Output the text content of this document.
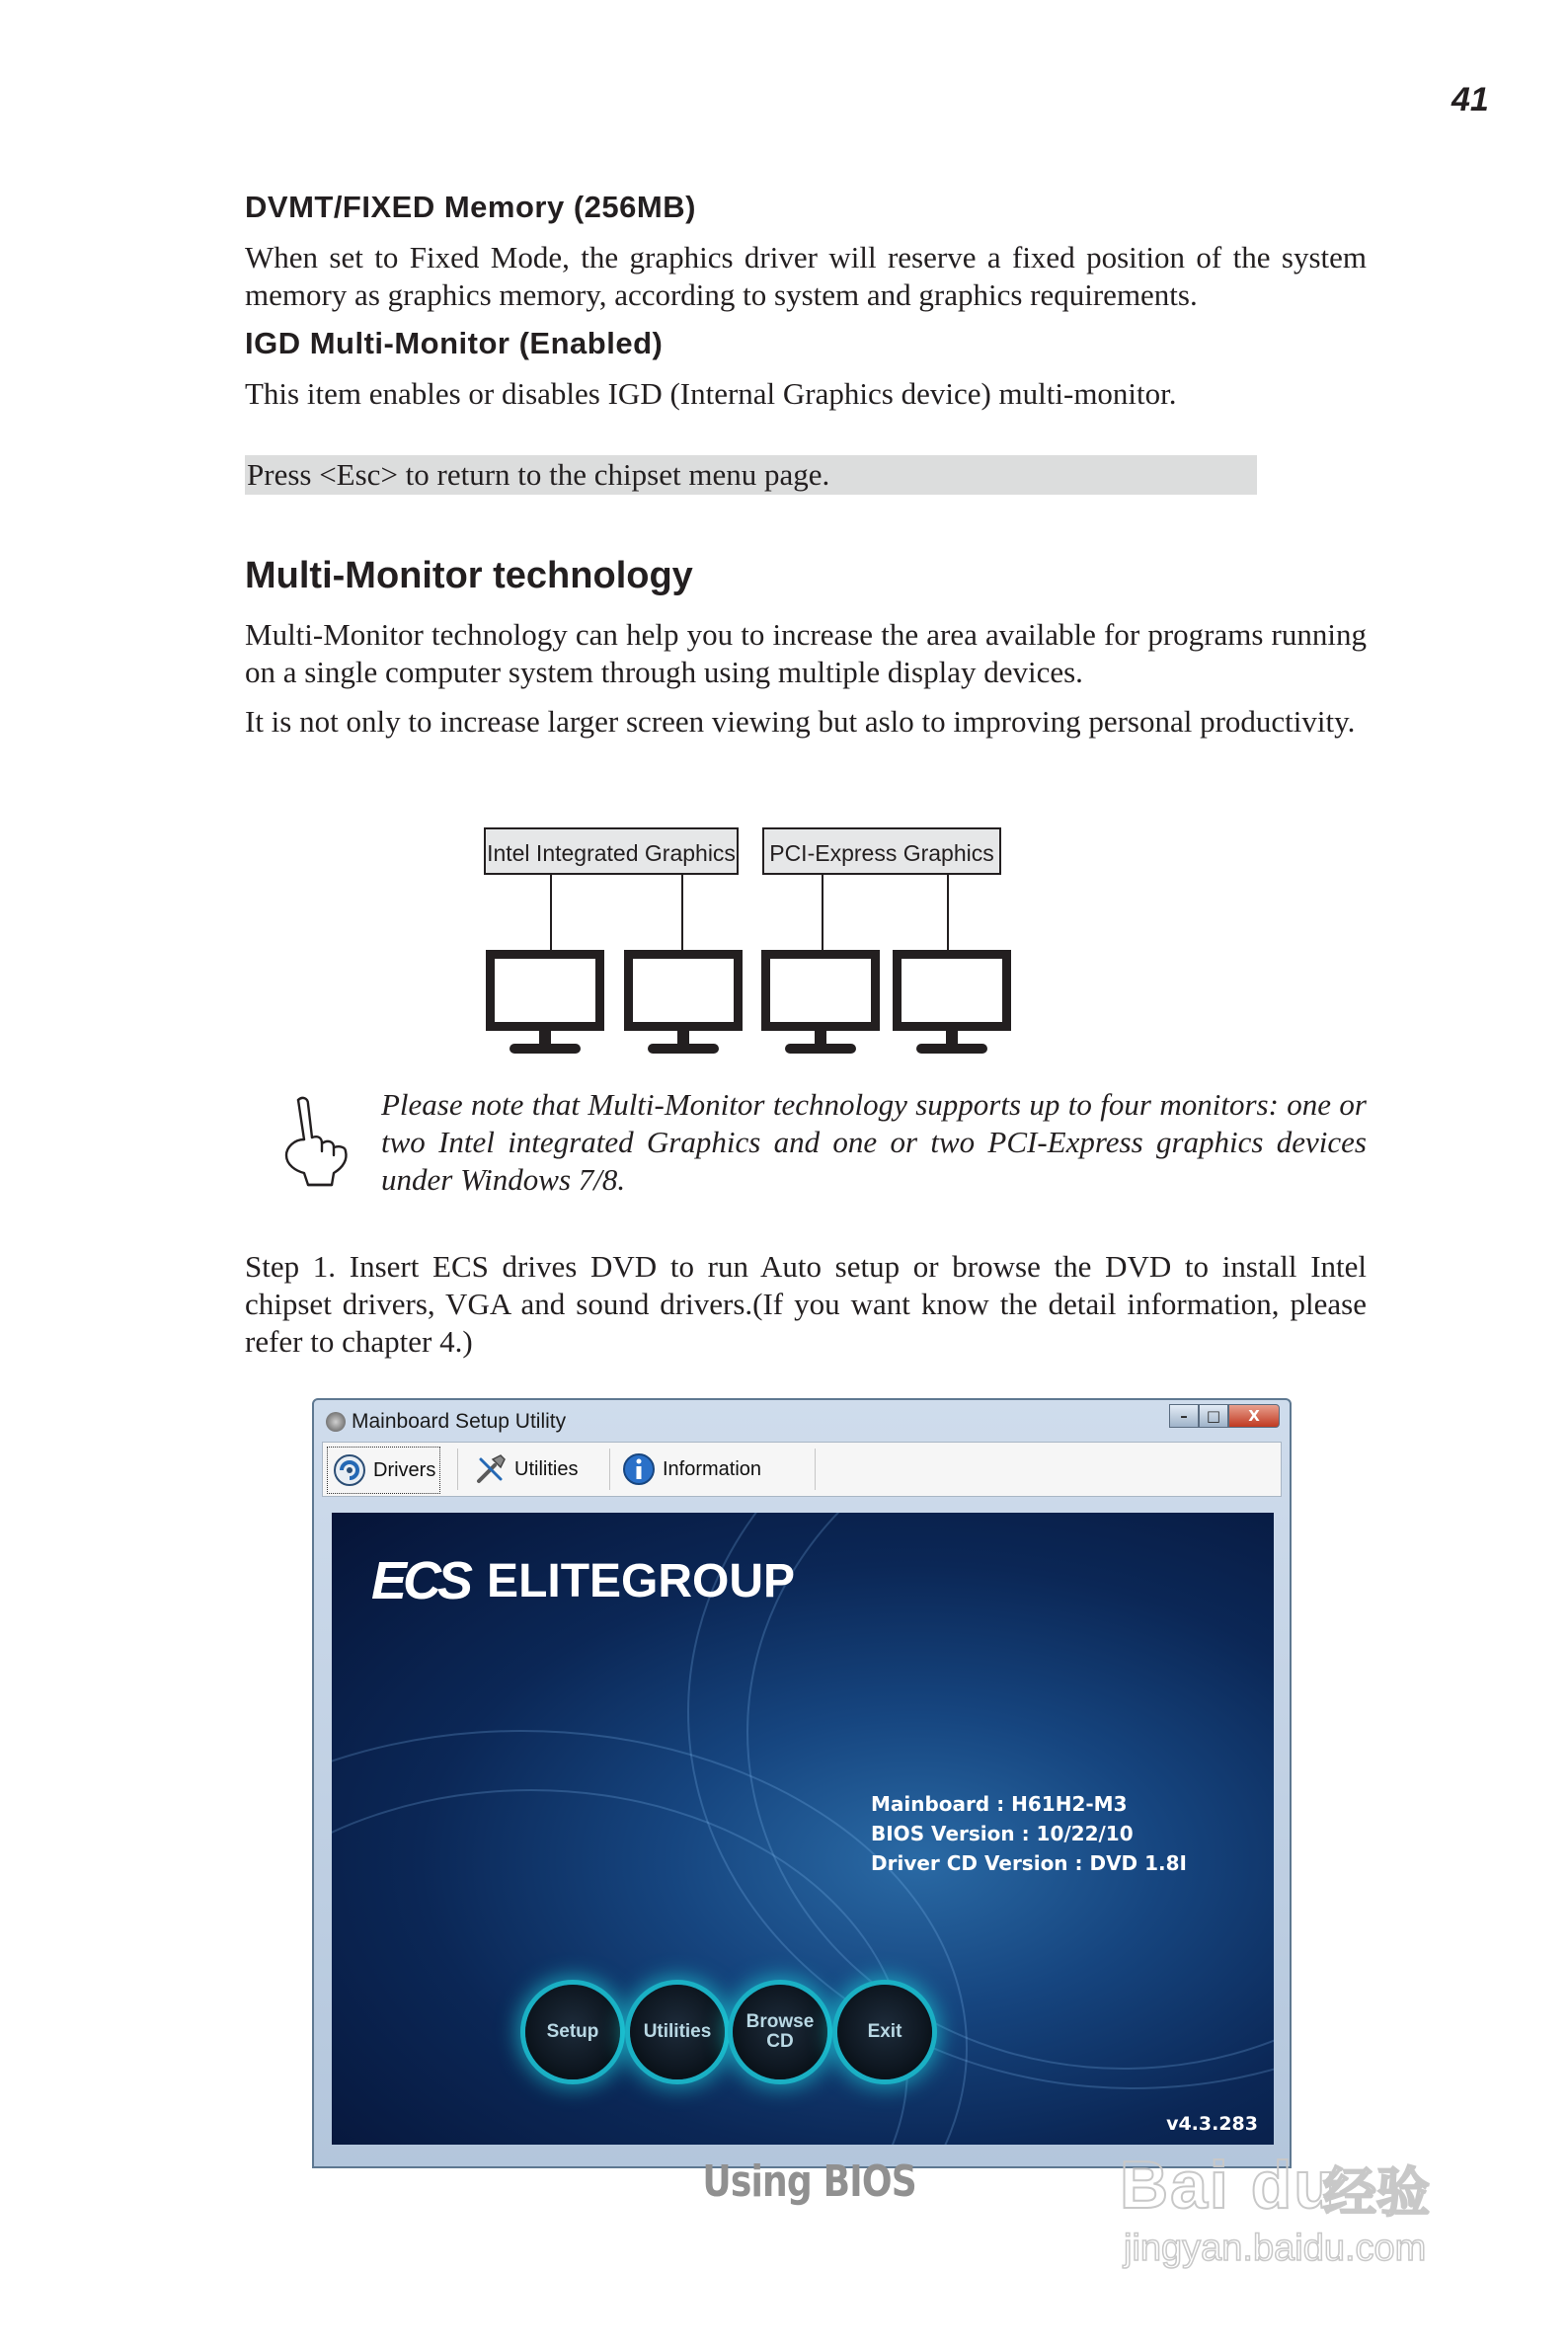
41
DVMT/FIXED Memory (256MB)

When set to Fixed Mode, the graphics driver will reserve a fixed position of the system memory as graphics memory, according to system and graphics requirements.

IGD Multi-Monitor (Enabled)

This item enables or disables IGD (Internal Graphics device) multi-monitor.

Press <Esc> to return to the chipset menu page.
Multi-Monitor technology

Multi-Monitor technology can help you to increase the area available for programs running on a single computer system through using multiple display devices.

It is not only to increase larger screen viewing but aslo to improving personal productivity.

Intel Integrated Graphics	PCI-Express Graphics
Please note that Multi-Monitor technology supports up to four monitors: one or two Intel integrated Graphics and one or two PCI-Express graphics devices under Windows 7/8.
Step 1. Insert ECS drives DVD to run Auto setup or browse the DVD to install Intel chipset drivers, VGA and sound drivers.(If you want know the detail information, please refer to chapter 4.)
Mainboard Setup Utility	–	□	X
Drivers	Utilities	Information
ECS ELITEGROUP
Mainboard : H61H2-M3
BIOS Version : 10/22/10
Driver CD Version : DVD 1.8I
Setup	Utilities	Browse
CD	Exit
v4.3.283
Using BIOS	Bai du
经验
jingyan.baidu.com
